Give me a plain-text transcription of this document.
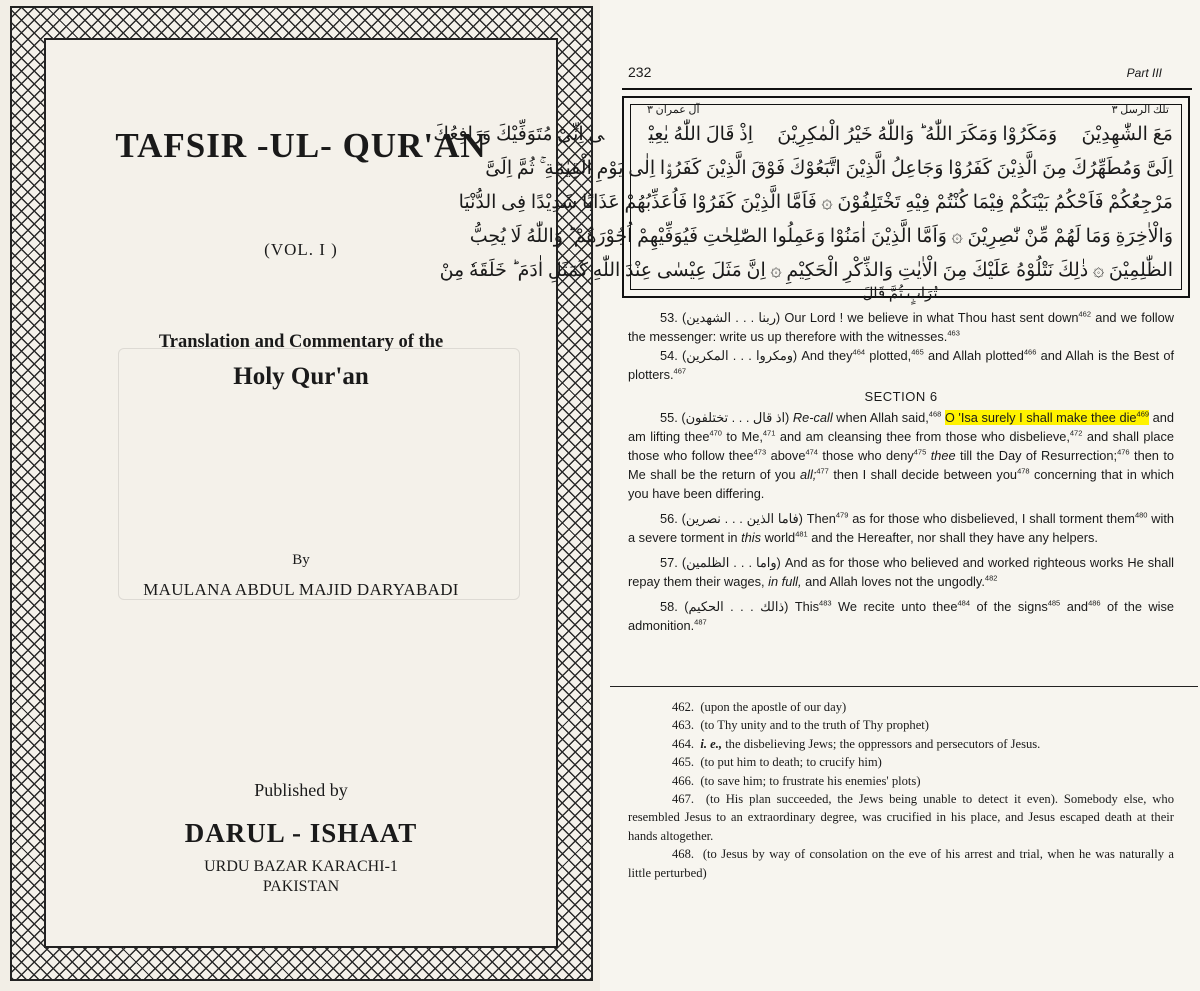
TAFSIR -UL- QUR'AN
(VOL. I )
Translation and Commentary of the
Holy Qur'an
By
MAULANA ABDUL MAJID DARYABADI
Published by
DARUL - ISHAAT
URDU BAZAR KARACHI-1
PAKISTAN
232	Part III
آل عمران ٣	تلك الرسل ٣
مَعَ الشّٰهِدِيْنَ ۞ وَمَكَرُوْا وَمَكَرَ اللّٰهُ ؕ وَاللّٰهُ خَيْرُ الْمٰكِرِيْنَ ۞ اِذْ قَالَ اللّٰهُ يٰعِيْسٰۤى اِنِّىْ مُتَوَفِّيْكَ وَرَافِعُكَ
اِلَىَّ وَمُطَهِّرُكَ مِنَ الَّذِيْنَ كَفَرُوْا وَجَاعِلُ الَّذِيْنَ اتَّبَعُوْكَ فَوْقَ الَّذِيْنَ كَفَرُوْۤا اِلٰى يَوْمِ الْقِيٰمَةِ ۚ ثُمَّ اِلَىَّ
مَرْجِعُكُمْ فَاَحْكُمُ بَيْنَكُمْ فِيْمَا كُنْتُمْ فِيْهِ تَخْتَلِفُوْنَ ۞ فَاَمَّا الَّذِيْنَ كَفَرُوْا فَاُعَذِّبُهُمْ عَذَابًا شَدِيْدًا فِى الدُّنْيَا
وَالْاٰخِرَةِ وَمَا لَهُمْ مِّنْ نّٰصِرِيْنَ ۞ وَاَمَّا الَّذِيْنَ اٰمَنُوْا وَعَمِلُوا الصّٰلِحٰتِ فَيُوَفِّيْهِمْ اُجُوْرَهُمْ ؕ وَاللّٰهُ لَا يُحِبُّ
الظّٰلِمِيْنَ ۞ ذٰلِكَ نَتْلُوْهُ عَلَيْكَ مِنَ الْاٰيٰتِ وَالذِّكْرِ الْحَكِيْمِ ۞ اِنَّ مَثَلَ عِيْسٰى عِنْدَ اللّٰهِ كَمَثَلِ اٰدَمَ ؕ خَلَقَهٗ مِنْ
تُرَابٍ ثُمَّ قَالَ

53. (ربنا . . . الشهدين) Our Lord ! we believe in what Thou hast sent down$^{462}$ and we follow the messenger: write us up therefore with the witnesses.$^{463}$

54. (ومكروا . . . المكرين) And they$^{464}$ plotted,$^{465}$ and Allah plotted$^{466}$ and Allah is the Best of plotters.$^{467}$

SECTION 6

55. (اذ قال . . . تختلفون) Re-call when Allah said,$^{468}$ O 'Isa surely I shall make thee die$^{469}$ and am lifting thee$^{470}$ to Me,$^{471}$ and am cleansing thee from those who disbelieve,$^{472}$ and shall place those who follow thee$^{473}$ above$^{474}$ those who deny$^{475}$ thee till the Day of Resurrection;$^{476}$ then to Me shall be the return of you all;$^{477}$ then I shall decide between you$^{478}$ concerning that in which you have been differing.

56. (فاما الذين . . . نصرين) Then$^{479}$ as for those who disbelieved, I shall torment them$^{480}$ with a severe torment in this world$^{481}$ and the Hereafter, nor shall they have any helpers.

57. (واما . . . الظلمين) And as for those who believed and worked righteous works He shall repay them their wages, in full, and Allah loves not the ungodly.$^{482}$

58. (ذالك . . . الحكيم) This$^{483}$ We recite unto thee$^{484}$ of the signs$^{485}$ and$^{486}$ of the wise admonition.$^{487}$

462. (upon the apostle of our day)

463. (to Thy unity and to the truth of Thy prophet)

464. i. e., the disbelieving Jews; the oppressors and persecutors of Jesus.

465. (to put him to death; to crucify him)

466. (to save him; to frustrate his enemies' plots)

467. (to His plan succeeded, the Jews being unable to detect it even). Somebody else, who resembled Jesus to an extraordinary degree, was crucified in his place, and Jesus escaped death at their hands altogether.

468. (to Jesus by way of consolation on the eve of his arrest and trial, when he was naturally a little perturbed)
